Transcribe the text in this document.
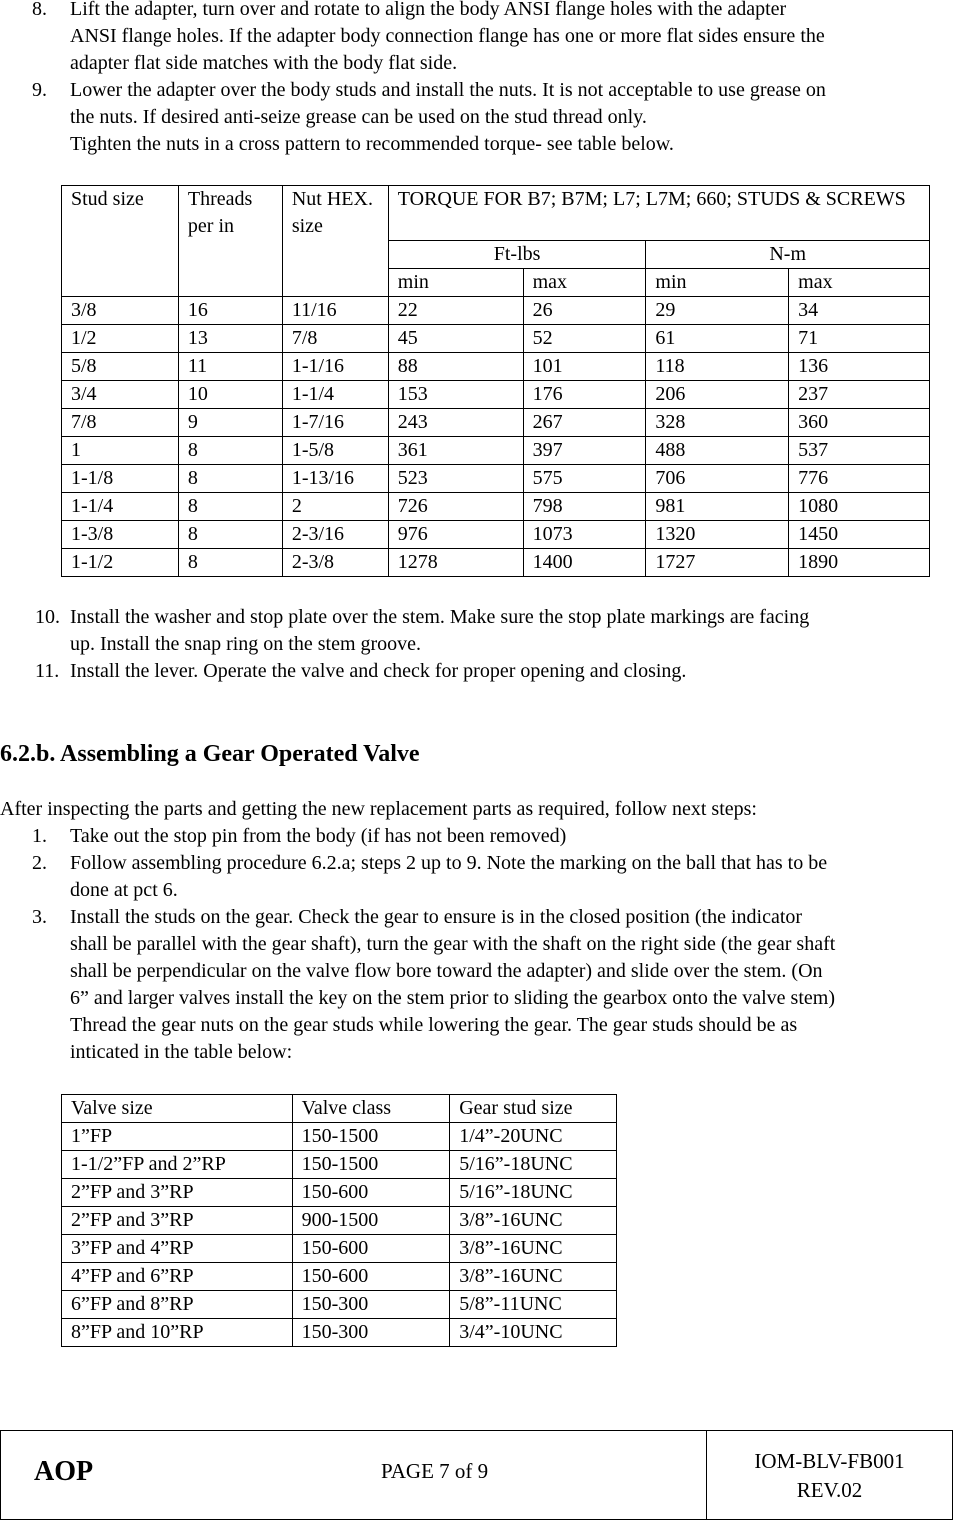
8. Lift the adapter, turn over and rotate to align the body ANSI flange holes with the adapter
ANSI flange holes. If the adapter body connection flange has one or more flat sides ensure the
adapter flat side matches with the body flat side.
9. Lower the adapter over the body studs and install the nuts. It is not acceptable to use grease on
the nuts. If desired anti-seize grease can be used on the stud thread only.
Tighten the nuts in a cross pattern to recommended torque- see table below.
Stud size	Threads per in	Nut HEX. size	TORQUE FOR B7; B7M; L7; L7M; 660; STUDS & SCREWS			
			Ft-lbs		N-m	
			min	max	min	max
3/8	16	11/16	22	26	29	34
1/2	13	7/8	45	52	61	71
5/8	11	1-1/16	88	101	118	136
3/4	10	1-1/4	153	176	206	237
7/8	9	1-7/16	243	267	328	360
1	8	1-5/8	361	397	488	537
1-1/8	8	1-13/16	523	575	706	776
1-1/4	8	2	726	798	981	1080
1-3/8	8	2-3/16	976	1073	1320	1450
1-1/2	8	2-3/8	1278	1400	1727	1890
10. Install the washer and stop plate over the stem. Make sure the stop plate markings are facing
up. Install the snap ring on the stem groove.
11. Install the lever. Operate the valve and check for proper opening and closing.
6.2.b. Assembling a Gear Operated Valve

After inspecting the parts and getting the new replacement parts as required, follow next steps:

1. Take out the stop pin from the body (if has not been removed)
2. Follow assembling procedure 6.2.a; steps 2 up to 9. Note the marking on the ball that has to be
done at pct 6.
3. Install the studs on the gear. Check the gear to ensure is in the closed position (the indicator
shall be parallel with the gear shaft), turn the gear with the shaft on the right side (the gear shaft
shall be perpendicular on the valve flow bore toward the adapter) and slide over the stem. (On
6” and larger valves install the key on the stem prior to sliding the gearbox onto the valve stem)
Thread the gear nuts on the gear studs while lowering the gear. The gear studs should be as
inticated in the table below:
Valve size	Valve class	Gear stud size
1”FP	150-1500	1/4”-20UNC
1-1/2”FP and 2”RP	150-1500	5/16”-18UNC
2”FP and 3”RP	150-600	5/16”-18UNC
2”FP and 3”RP	900-1500	3/8”-16UNC
3”FP and 4”RP	150-600	3/8”-16UNC
4”FP and 6”RP	150-600	3/8”-16UNC
6”FP and 8”RP	150-300	5/8”-11UNC
8”FP and 10”RP	150-300	3/4”-10UNC
AOP	PAGE 7 of 9	IOM-BLV-FB001
REV.02
